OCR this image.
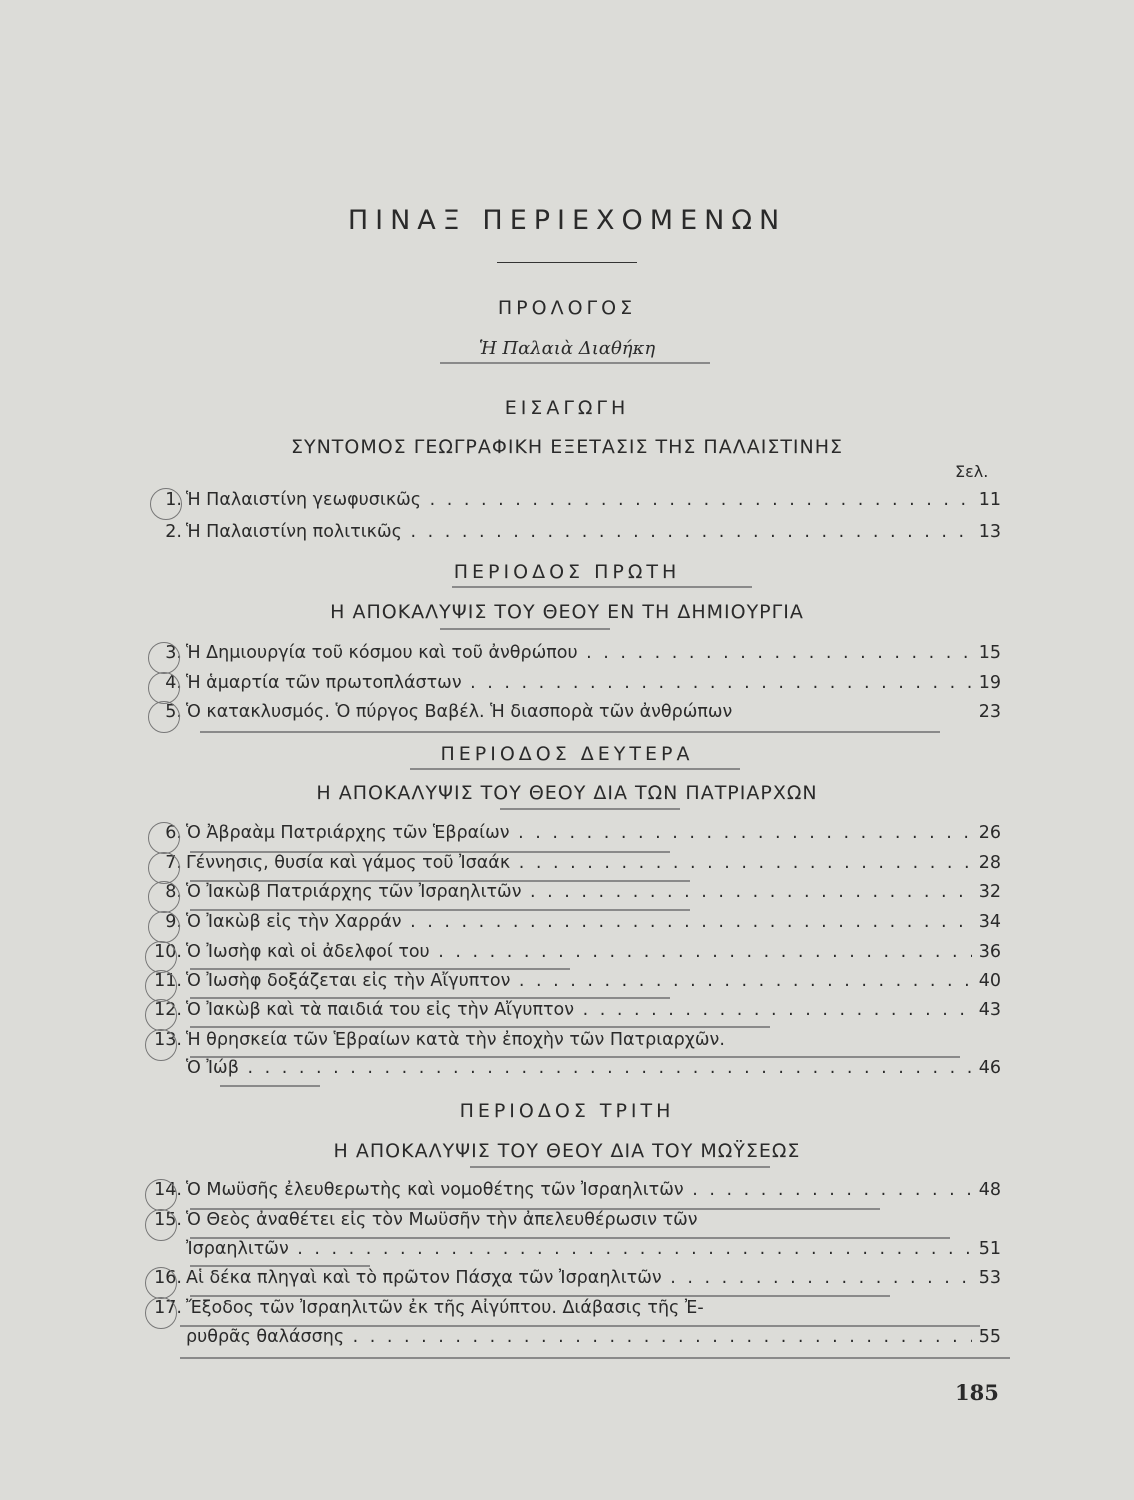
ΠΙΝΑΞ ΠΕΡΙΕΧΟΜΕΝΩΝ
ΠΡΟΛΟΓΟΣ
Ἡ Παλαιὰ Διαθήκη
ΕΙΣΑΓΩΓΗ
ΣΥΝΤΟΜΟΣ ΓΕΩΓΡΑΦΙΚΗ ΕΞΕΤΑΣΙΣ ΤΗΣ ΠΑΛΑΙΣΤΙΝΗΣ
Σελ.
1. Ἡ Παλαιστίνη γεωφυσικῶς . . .	11
2. Ἡ Παλαιστίνη πολιτικῶς . . .	13
ΠΕΡΙΟΔΟΣ ΠΡΩΤΗ
Η ΑΠΟΚΑΛΥΨΙΣ ΤΟΥ ΘΕΟΥ ΕΝ ΤΗ ΔΗΜΙΟΥΡΓΙΑ
3. Ἡ Δημιουργία τοῦ κόσμου καὶ τοῦ ἀνθρώπου . . .	15
4. Ἡ ἁμαρτία τῶν πρωτοπλάστων . . .	19
5. Ὁ κατακλυσμός. Ὁ πύργος Βαβέλ. Ἡ διασπορὰ τῶν ἀνθρώπων	23
ΠΕΡΙΟΔΟΣ ΔΕΥΤΕΡΑ
Η ΑΠΟΚΑΛΥΨΙΣ ΤΟΥ ΘΕΟΥ ΔΙΑ ΤΩΝ ΠΑΤΡΙΑΡΧΩΝ
6. Ὁ Ἀβραὰμ Πατριάρχης τῶν Ἑβραίων . . .	26
7. Γέννησις, θυσία καὶ γάμος τοῦ Ἰσαάκ . . .	28
8. Ὁ Ἰακὼβ Πατριάρχης τῶν Ἰσραηλιτῶν . . .	32
9. Ὁ Ἰακὼβ εἰς τὴν Χαρράν . . .	34
10. Ὁ Ἰωσὴφ καὶ οἱ ἀδελφοί του . . .	36
11. Ὁ Ἰωσὴφ δοξάζεται εἰς τὴν Αἴγυπτον . . .	40
12. Ὁ Ἰακὼβ καὶ τὰ παιδιά του εἰς τὴν Αἴγυπτον . . .	43
13. Ἡ θρησκεία τῶν Ἑβραίων κατὰ τὴν ἐποχὴν τῶν Πατριαρχῶν.
Ὁ Ἰώβ . . .	46
ΠΕΡΙΟΔΟΣ ΤΡΙΤΗ
Η ΑΠΟΚΑΛΥΨΙΣ ΤΟΥ ΘΕΟΥ ΔΙΑ ΤΟΥ ΜΩΫΣΕΩΣ
14. Ὁ Μωϋσῆς ἐλευθερωτὴς καὶ νομοθέτης τῶν Ἰσραηλιτῶν . . .	48
15. Ὁ Θεὸς ἀναθέτει εἰς τὸν Μωϋσῆν τὴν ἀπελευθέρωσιν τῶν
Ἰσραηλιτῶν . . .	51
16. Αἱ δέκα πληγαὶ καὶ τὸ πρῶτον Πάσχα τῶν Ἰσραηλιτῶν . . .	53
17. Ἔξοδος τῶν Ἰσραηλιτῶν ἐκ τῆς Αἰγύπτου. Διάβασις τῆς Ἐ-
ρυθρᾶς θαλάσσης . . .	55
185
